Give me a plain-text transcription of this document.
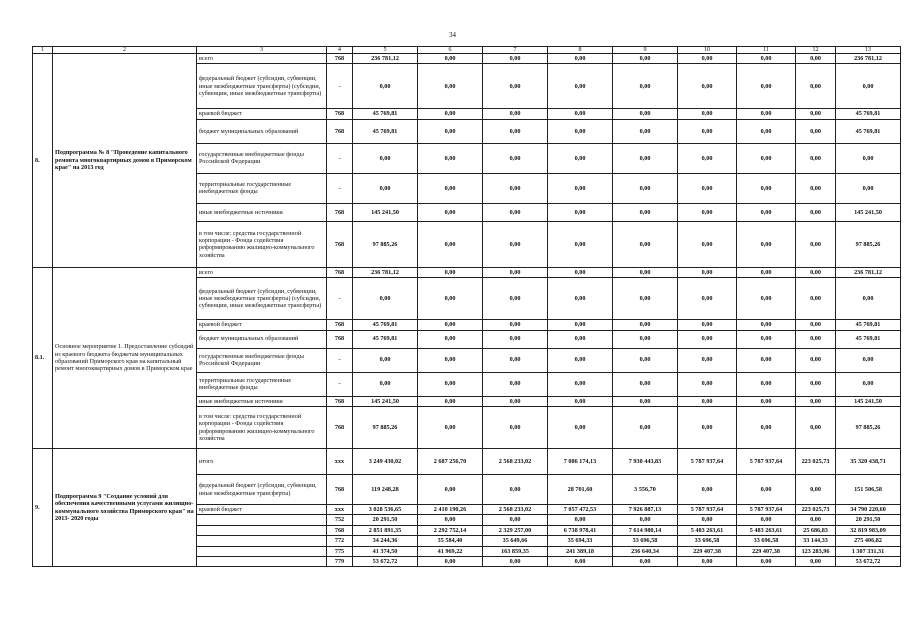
34
1	2	3	4	5	6	7	8	9	10	11	12	13
8.	Подпрограмма № 8 "Проведение капитального ремонта многоквартирных домов в Приморском крае" на 2013 год	всего	768	236 781,12	0,00	0,00	0,00	0,00	0,00	0,00	0,00	236 781,12
		федеральный бюджет (субсидии, субвенции, иные межбюджетные трансферты) (субсидии, субвенции, иные межбюджетные трансферты)	-	0,00	0,00	0,00	0,00	0,00	0,00	0,00	0,00	0,00
		краевой бюджет	768	45 769,81	0,00	0,00	0,00	0,00	0,00	0,00	0,00	45 769,81
		бюджет муниципальных образований	768	45 769,81	0,00	0,00	0,00	0,00	0,00	0,00	0,00	45 769,81
		государственные внебюджетные фонды Российской Федерации	-	0,00	0,00	0,00	0,00	0,00	0,00	0,00	0,00	0,00
		территориальные государственные внебюджетные фонды	-	0,00	0,00	0,00	0,00	0,00	0,00	0,00	0,00	0,00
		иные внебюджетные источники	768	145 241,50	0,00	0,00	0,00	0,00	0,00	0,00	0,00	145 241,50
		в том числе: средства государственной корпорации - Фонда содействия реформированию жилищно-коммунального хозяйства	768	97 885,26	0,00	0,00	0,00	0,00	0,00	0,00	0,00	97 885,26
8.1.	Основное мероприятие 1. Предоставление субсидий из краевого бюджета бюджетам муниципальных образований Приморского края на капитальный ремонт многоквартирных домов в Приморском крае	всего	768	236 781,12	0,00	0,00	0,00	0,00	0,00	0,00	0,00	236 781,12
		федеральный бюджет (субсидии, субвенции, иные межбюджетные трансферты) (субсидии, субвенции, иные межбюджетные трансферты)	-	0,00	0,00	0,00	0,00	0,00	0,00	0,00	0,00	0,00
		краевой бюджет	768	45 769,81	0,00	0,00	0,00	0,00	0,00	0,00	0,00	45 769,81
		бюджет муниципальных образований	768	45 769,81	0,00	0,00	0,00	0,00	0,00	0,00	0,00	45 769,81
		государственные внебюджетные фонды Российской Федерации	-	0,00	0,00	0,00	0,00	0,00	0,00	0,00	0,00	0,00
		территориальные государственные внебюджетные фонды	-	0,00	0,00	0,00	0,00	0,00	0,00	0,00	0,00	0,00
		иные внебюджетные источники	768	145 241,50	0,00	0,00	0,00	0,00	0,00	0,00	0,00	145 241,50
		в том числе: средства государственной корпорации - Фонда содействия реформированию жилищно-коммунального хозяйства	768	97 885,26	0,00	0,00	0,00	0,00	0,00	0,00	0,00	97 885,26
9.	Подпрограмма 9 "Создание условий для обеспечения качественными услугами жилищно-коммунального хозяйства Приморского края" на 2013- 2020 годы	итого	xxx	3 249 430,02	2 687 256,70	2 568 233,02	7 086 174,13	7 930 443,83	5 787 937,64	5 787 937,64	223 025,73	35 320 438,71
		федеральный бюджет (субсидии, субвенции, иные межбюджетные трансферты)	768	119 248,28	0,00	0,00	28 701,60	3 556,70	0,00	0,00	0,00	151 506,58
		краевой бюджет	xxx	3 028 536,65	2 410 190,26	2 568 233,02	7 057 472,53	7 926 887,13	5 787 937,64	5 787 937,64	223 025,73	34 790 220,60
			752	20 291,50	0,00	0,00	0,00	0,00	0,00	0,00	0,00	20 291,50
			768	2 851 891,35	2 292 752,14	2 329 257,00	6 738 978,41	7 614 980,14	5 483 263,61	5 483 263,61	25 686,83	32 819 983,09
			772	34 244,36	35 584,40	35 649,66	35 694,33	33 696,58	33 696,58	33 696,58	33 144,33	275 406,82
			775	41 374,50	41 969,22	163 859,35	241 389,18	236 640,34	229 407,38	229 407,38	123 283,96	1 307 331,31
			779	53 672,72	0,00	0,00	0,00	0,00	0,00	0,00	0,00	53 672,72
